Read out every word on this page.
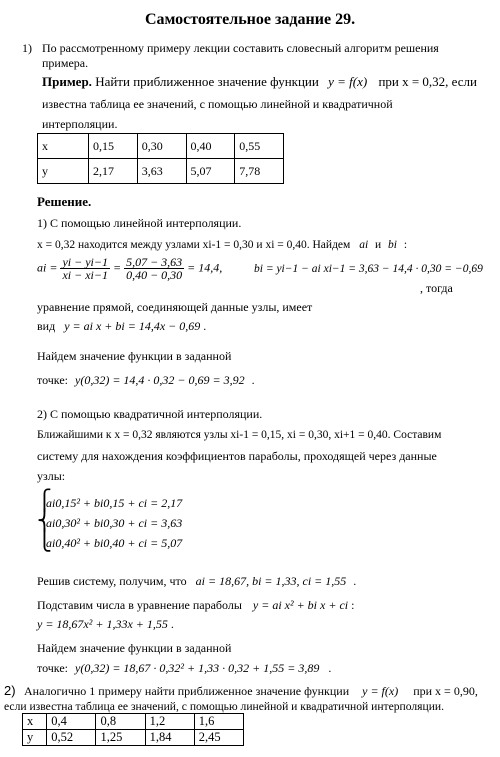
Самостоятельное задание 29.
1) По рассмотренному примеру лекции составить словесный алгоритм решения
примера.
Пример. Найти приближенное значение функции y = f(x) при x = 0,32, если
известна таблица ее значений, с помощью линейной и квадратичной
интерполяции.
x	0,15	0,30	0,40	0,55
y	2,17	3,63	5,07	7,78
Решение.
1) С помощью линейной интерполяции.
x = 0,32 находится между узлами xi-1 = 0,30 и xi = 0,40. Найдем ai и bi :
ai = $\frac{yi - yi-1}{xi - xi-1} = \frac{5,07 - 3,63}{0,40 - 0,30} = 14,4$,	bi = yi−1 − ai xi−1 = 3,63 − 14,4 · 0,30 = −0,69
, тогда
уравнение прямой, соединяющей данные узлы, имеет
вид y = ai x + bi = 14,4x − 0,69 .
Найдем значение функции в заданной
точке: y(0,32) = 14,4 · 0,32 − 0,69 = 3,92 .
2) С помощью квадратичной интерполяции.
Ближайшими к x = 0,32 являются узлы xi-1 = 0,15, xi = 0,30, xi+1 = 0,40. Составим
систему для нахождения коэффициентов параболы, проходящей через данные
узлы:
⎧
⎨
⎩
ai0,15² + bi0,15 + ci = 2,17
ai0,30² + bi0,30 + ci = 3,63
ai0,40² + bi0,40 + ci = 5,07
Решив систему, получим, что ai = 18,67, bi = 1,33, ci = 1,55 .
Подставим числа в уравнение параболы y = ai x² + bi x + ci :
y = 18,67x² + 1,33x + 1,55 .
Найдем значение функции в заданной
точке: y(0,32) = 18,67 · 0,32² + 1,33 · 0,32 + 1,55 = 3,89 .
2) Аналогично 1 примеру найти приближенное значение функции y = f(x) при x = 0,90,
если известна таблица ее значений, с помощью линейной и квадратичной интерполяции.
x	0,4	0,8	1,2	1,6
y	0,52	1,25	1,84	2,45
